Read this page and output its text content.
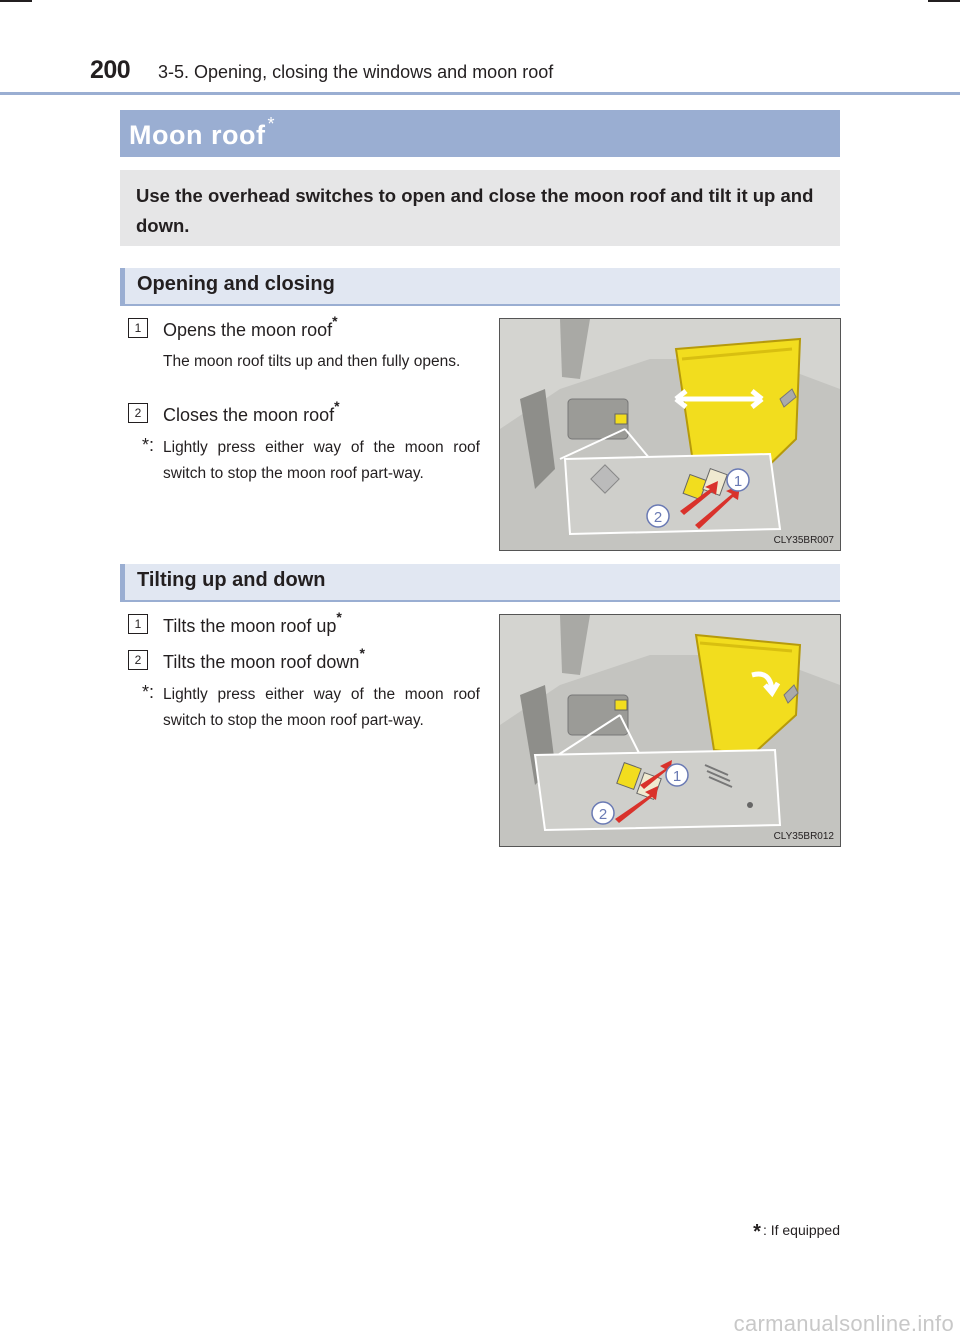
200 3-5. Opening, closing the windows and moon roof
Moon roof *
Use the overhead switches to open and close the moon roof and tilt it up and down.
Opening and closing
1	Opens the moon roof*
The moon roof tilts up and then fully opens.
2	Closes the moon roof*
*: Lightly press either way of the moon roof switch to stop the moon roof part-way.	1
2
CLY35BR007
Tilting up and down
1	Tilts the moon roof up*
2	Tilts the moon roof down*
*: Lightly press either way of the moon roof switch to stop the moon roof part-way.
1
2
CLY35BR012
* : If equipped
carmanualsonline.info
